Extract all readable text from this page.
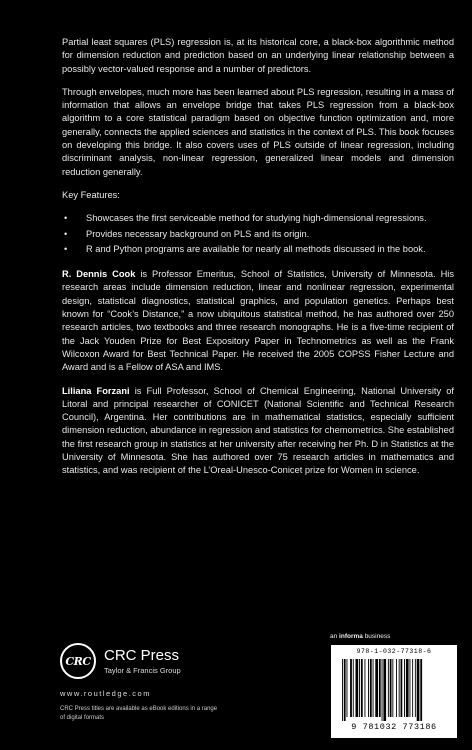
Partial least squares (PLS) regression is, at its historical core, a black-box algorithmic method for dimension reduction and prediction based on an underlying linear relationship between a possibly vector-valued response and a number of predictors.

Through envelopes, much more has been learned about PLS regression, resulting in a mass of information that allows an envelope bridge that takes PLS regression from a black-box algorithm to a core statistical paradigm based on objective function optimization and, more generally, connects the applied sciences and statistics in the context of PLS. This book focuses on developing this bridge. It also covers uses of PLS outside of linear regression, including discriminant analysis, non-linear regression, generalized linear models and dimension reduction generally.

Key Features:

• Showcases the first serviceable method for studying high-dimensional regressions.
• Provides necessary background on PLS and its origin.
• R and Python programs are available for nearly all methods discussed in the book.

R. Dennis Cook is Professor Emeritus, School of Statistics, University of Minnesota. His research areas include dimension reduction, linear and nonlinear regression, experimental design, statistical diagnostics, statistical graphics, and population genetics. Perhaps best known for “Cook’s Distance,” a now ubiquitous statistical method, he has authored over 250 research articles, two textbooks and three research monographs. He is a five-time recipient of the Jack Youden Prize for Best Expository Paper in Technometrics as well as the Frank Wilcoxon Award for Best Technical Paper. He received the 2005 COPSS Fisher Lecture and Award and is a Fellow of ASA and IMS.

Liliana Forzani is Full Professor, School of Chemical Engineering, National University of Litoral and principal researcher of CONICET (National Scientific and Technical Research Council), Argentina. Her contributions are in mathematical statistics, especially sufficient dimension reduction, abundance in regression and statistics for chemometrics. She established the first research group in statistics at her university after receiving her Ph. D in Statistics at the University of Minnesota. She has authored over 75 research articles in mathematics and statistics, and was recipient of the L’Oreal-Unesco-Conicet prize for Women in science.

CRC CRC Press
Taylor & Francis Group
www.routledge.com
CRC Press titles are available as eBook editions in a range of digital formats
an informa business
978-1-032-77318-6
9 781032 773186
